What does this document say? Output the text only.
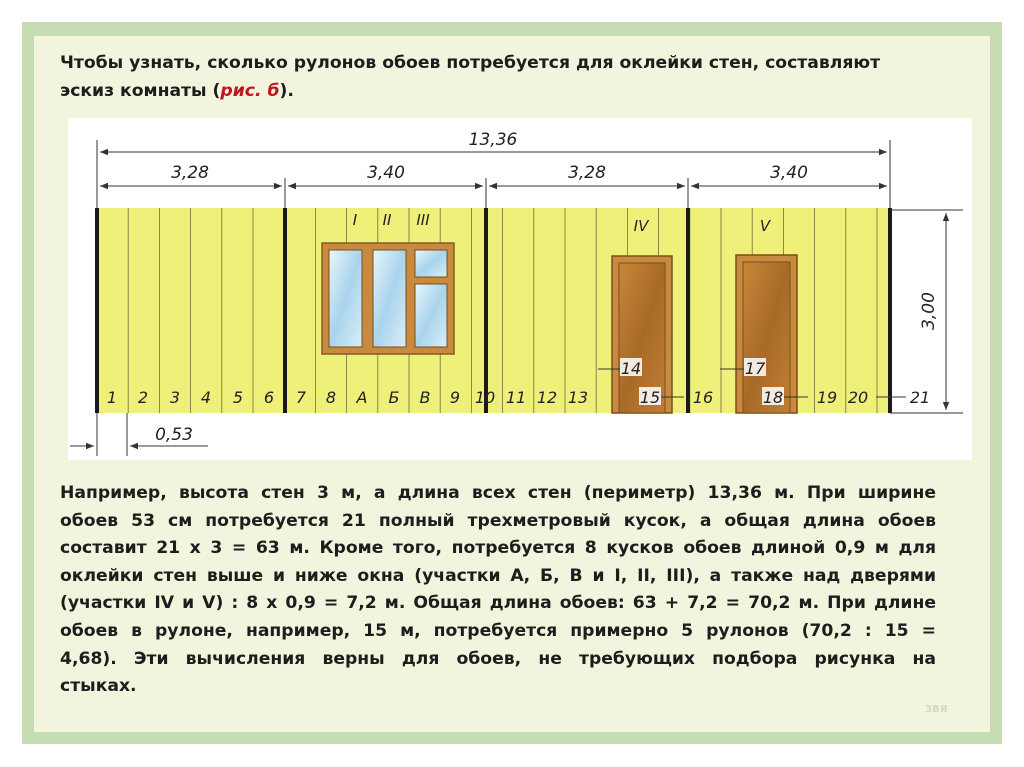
Чтобы узнать, сколько рулонов обоев потребуется для оклейки стен, составляют

эскиз комнаты (рис. б).

I II III	IV	V
13,36
3,28	3,40	3,28	3,40
3,00
0,53
1 2 3 4 5 6 7 8 А Б В 9 10 11 12 13
14
15 16
17
18 19 20	21
Например, высота стен 3 м, а длина всех стен (периметр) 13,36 м. При ширине
обоев 53 см потребуется 21 полный трехметровый кусок, а общая длина обоев
составит 21 х 3 = 63 м. Кроме того, потребуется 8 кусков обоев длиной 0,9 м для
оклейки стен выше и ниже окна (участки А, Б, В и I, II, III), а также над дверями
(участки IV и V) : 8 х 0,9 = 7,2 м. Общая длина обоев: 63 + 7,2 = 70,2 м. При длине
обоев в рулоне, например, 15 м, потребуется примерно 5 рулонов (70,2 : 15 =
4,68). Эти вычисления верны для обоев, не требующих подбора рисунка на
стыках.
ЗВЯ
